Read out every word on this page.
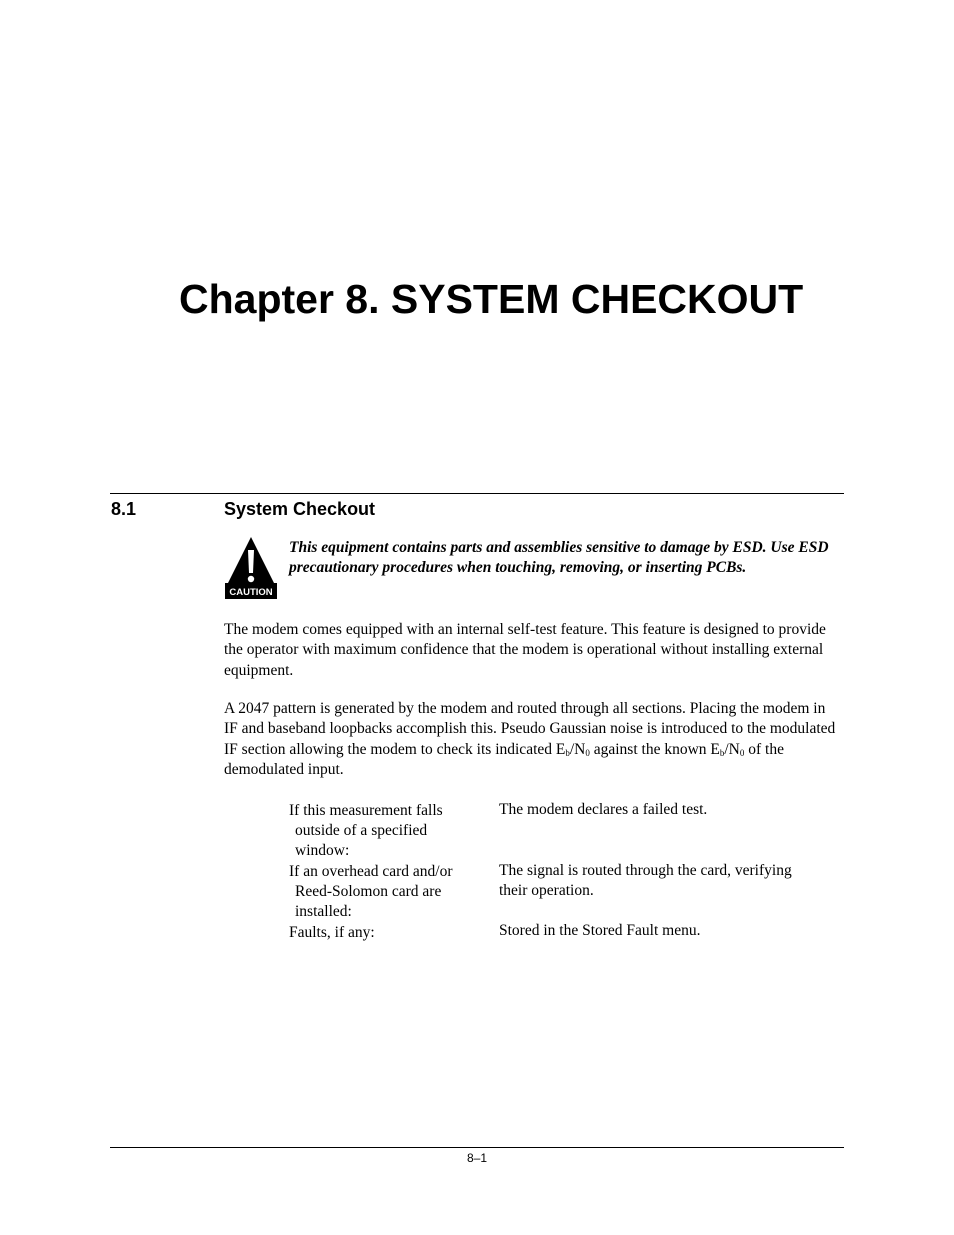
Chapter 8. SYSTEM CHECKOUT
8.1	System Checkout
CAUTION
This equipment contains parts and assemblies sensitive to damage by ESD. Use ESD precautionary procedures when touching, removing, or inserting PCBs.
The modem comes equipped with an internal self-test feature. This feature is designed to provide the operator with maximum confidence that the modem is operational without installing external equipment.
A 2047 pattern is generated by the modem and routed through all sections. Placing the modem in IF and baseband loopbacks accomplish this. Pseudo Gaussian noise is introduced to the modulated IF section allowing the modem to check its indicated $E_b/N_0$ against the known $E_b/N_0$ of the demodulated input.
If this measurement falls
outside of a specified
window:
The modem declares a failed test.
If an overhead card and/or
Reed-Solomon card are
installed:
The signal is routed through the card, verifying their operation.
Faults, if any:	Stored in the Stored Fault menu.
8–1
